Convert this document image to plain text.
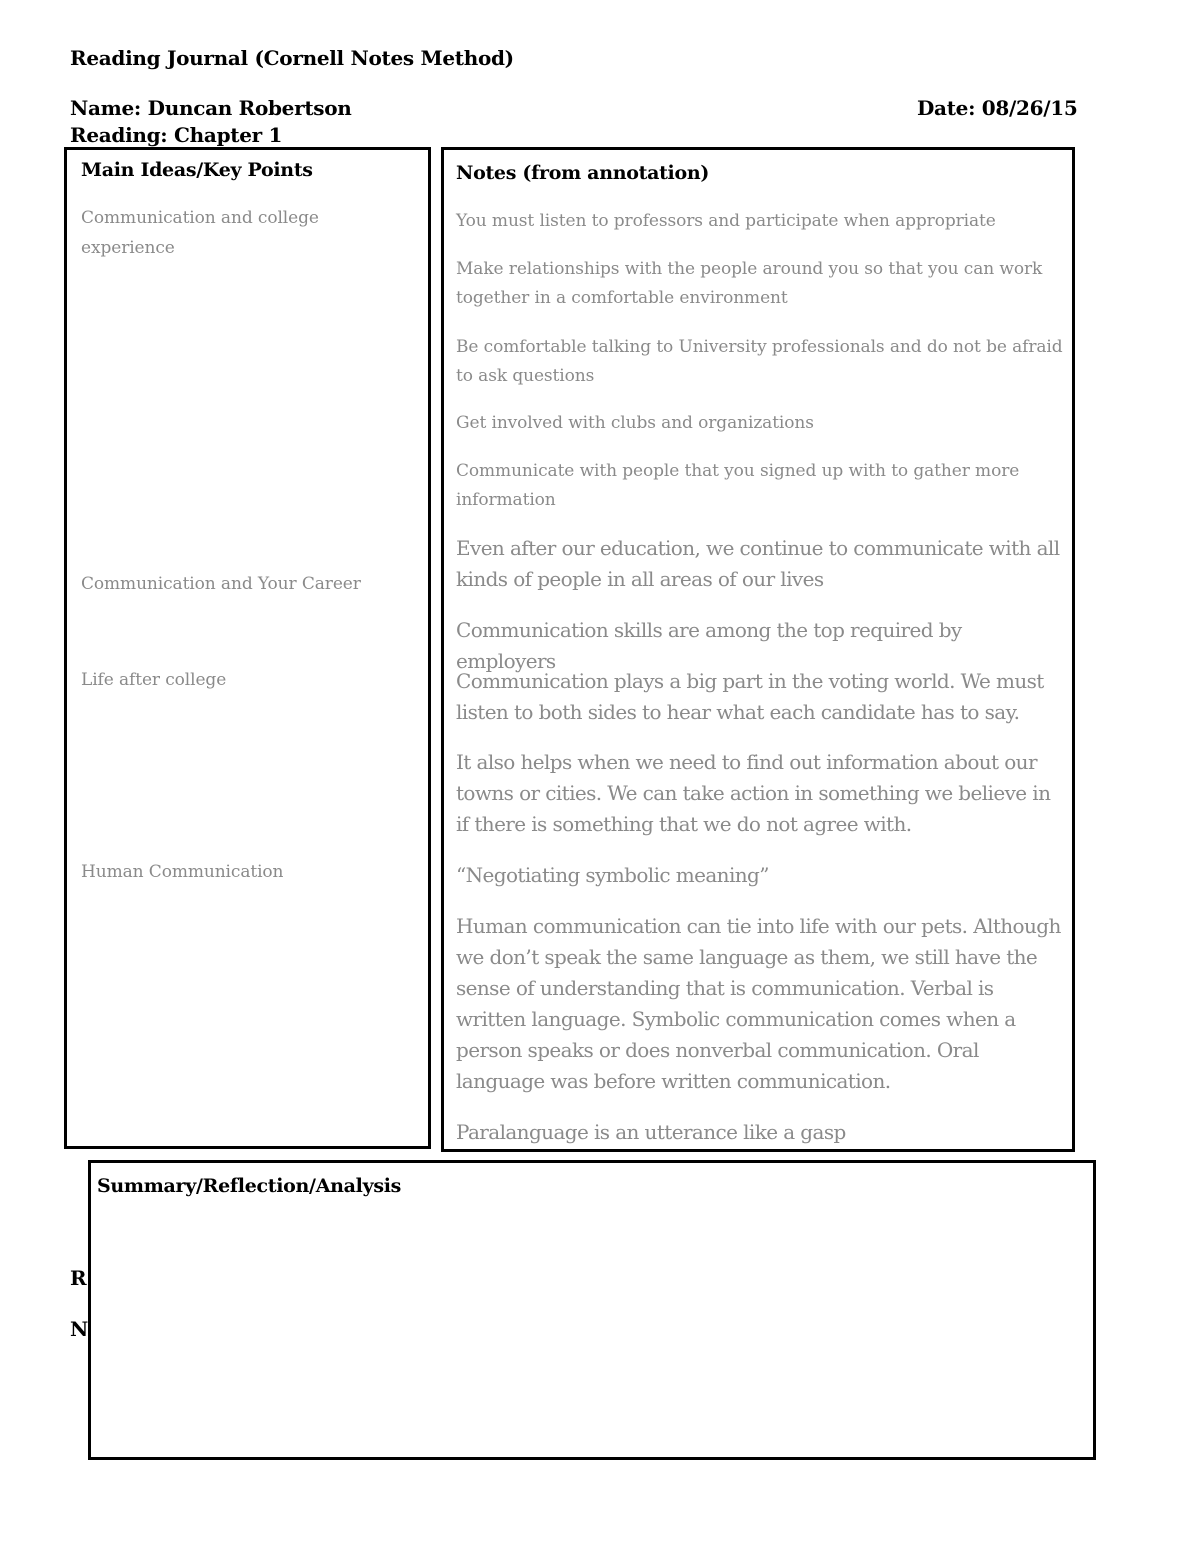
Reading Journal (Cornell Notes Method)
Name: Duncan Robertson	Date: 08/26/15
Reading: Chapter 1
R
N
Main Ideas/Key Points
Communication and college experience
Communication and Your Career
Life after college
Human Communication
Notes (from annotation)
You must listen to professors and participate when appropriate
Make relationships with the people around you so that you can work together in a comfortable environment
Be comfortable talking to University professionals and do not be afraid to ask questions
Get involved with clubs and organizations
Communicate with people that you signed up with to gather more information
Even after our education, we continue to communicate with all kinds of people in all areas of our lives
Communication skills are among the top required by employers
Communication plays a big part in the voting world. We must listen to both sides to hear what each candidate has to say.
It also helps when we need to find out information about our towns or cities. We can take action in something we believe in if there is something that we do not agree with.
“Negotiating symbolic meaning”
Human communication can tie into life with our pets. Although we don’t speak the same language as them, we still have the sense of understanding that is communication. Verbal is written language. Symbolic communication comes when a person speaks or does nonverbal communication. Oral language was before written communication.
Paralanguage is an utterance like a gasp
Summary/Reflection/Analysis
